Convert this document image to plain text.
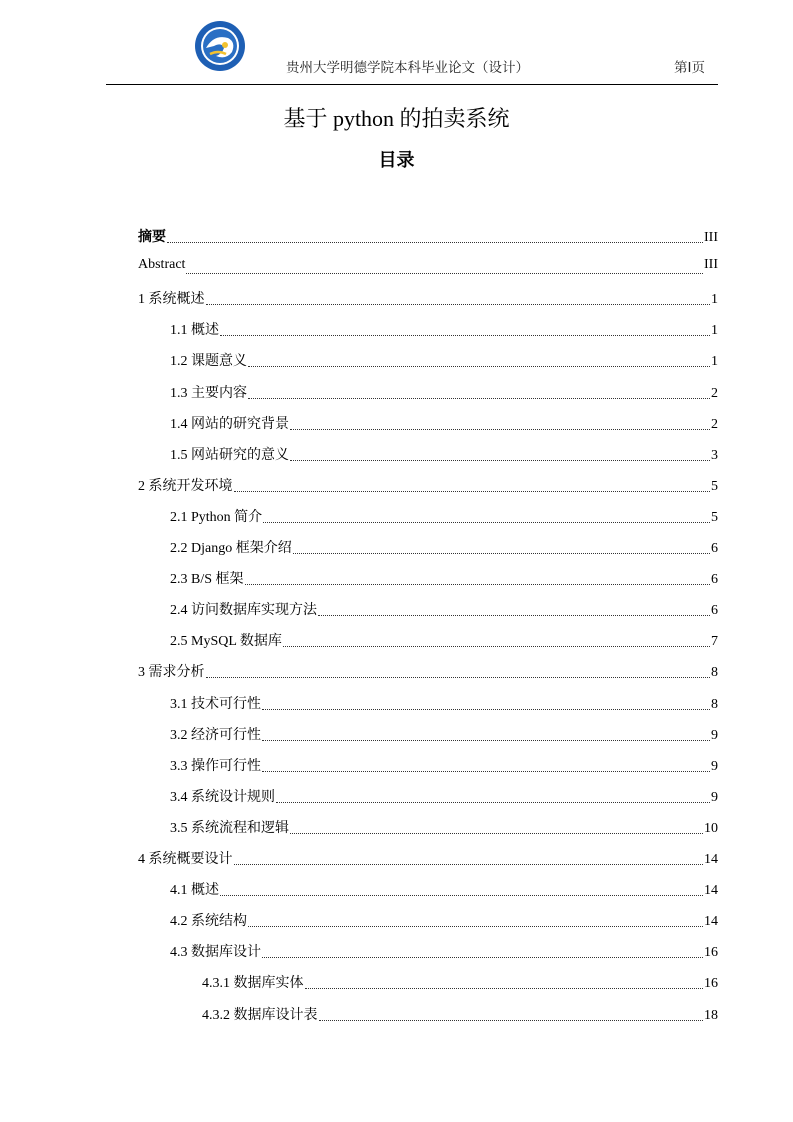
贵州大学明德学院本科毕业论文（设计）	第Ⅰ页
基于 python 的拍卖系统
目录
摘要	III
Abstract	III
1 系统概述	1
1.1 概述	1
1.2 课题意义	1
1.3 主要内容	2
1.4 网站的研究背景	2
1.5 网站研究的意义	3
2 系统开发环境	5
2.1 Python 简介	5
2.2 Django 框架介绍	6
2.3 B/S 框架	6
2.4 访问数据库实现方法	6
2.5 MySQL 数据库	7
3 需求分析	8
3.1 技术可行性	8
3.2 经济可行性	9
3.3 操作可行性	9
3.4 系统设计规则	9
3.5 系统流程和逻辑	10
4 系统概要设计	14
4.1 概述	14
4.2 系统结构	14
4.3 数据库设计	16
4.3.1 数据库实体	16
4.3.2 数据库设计表	18
